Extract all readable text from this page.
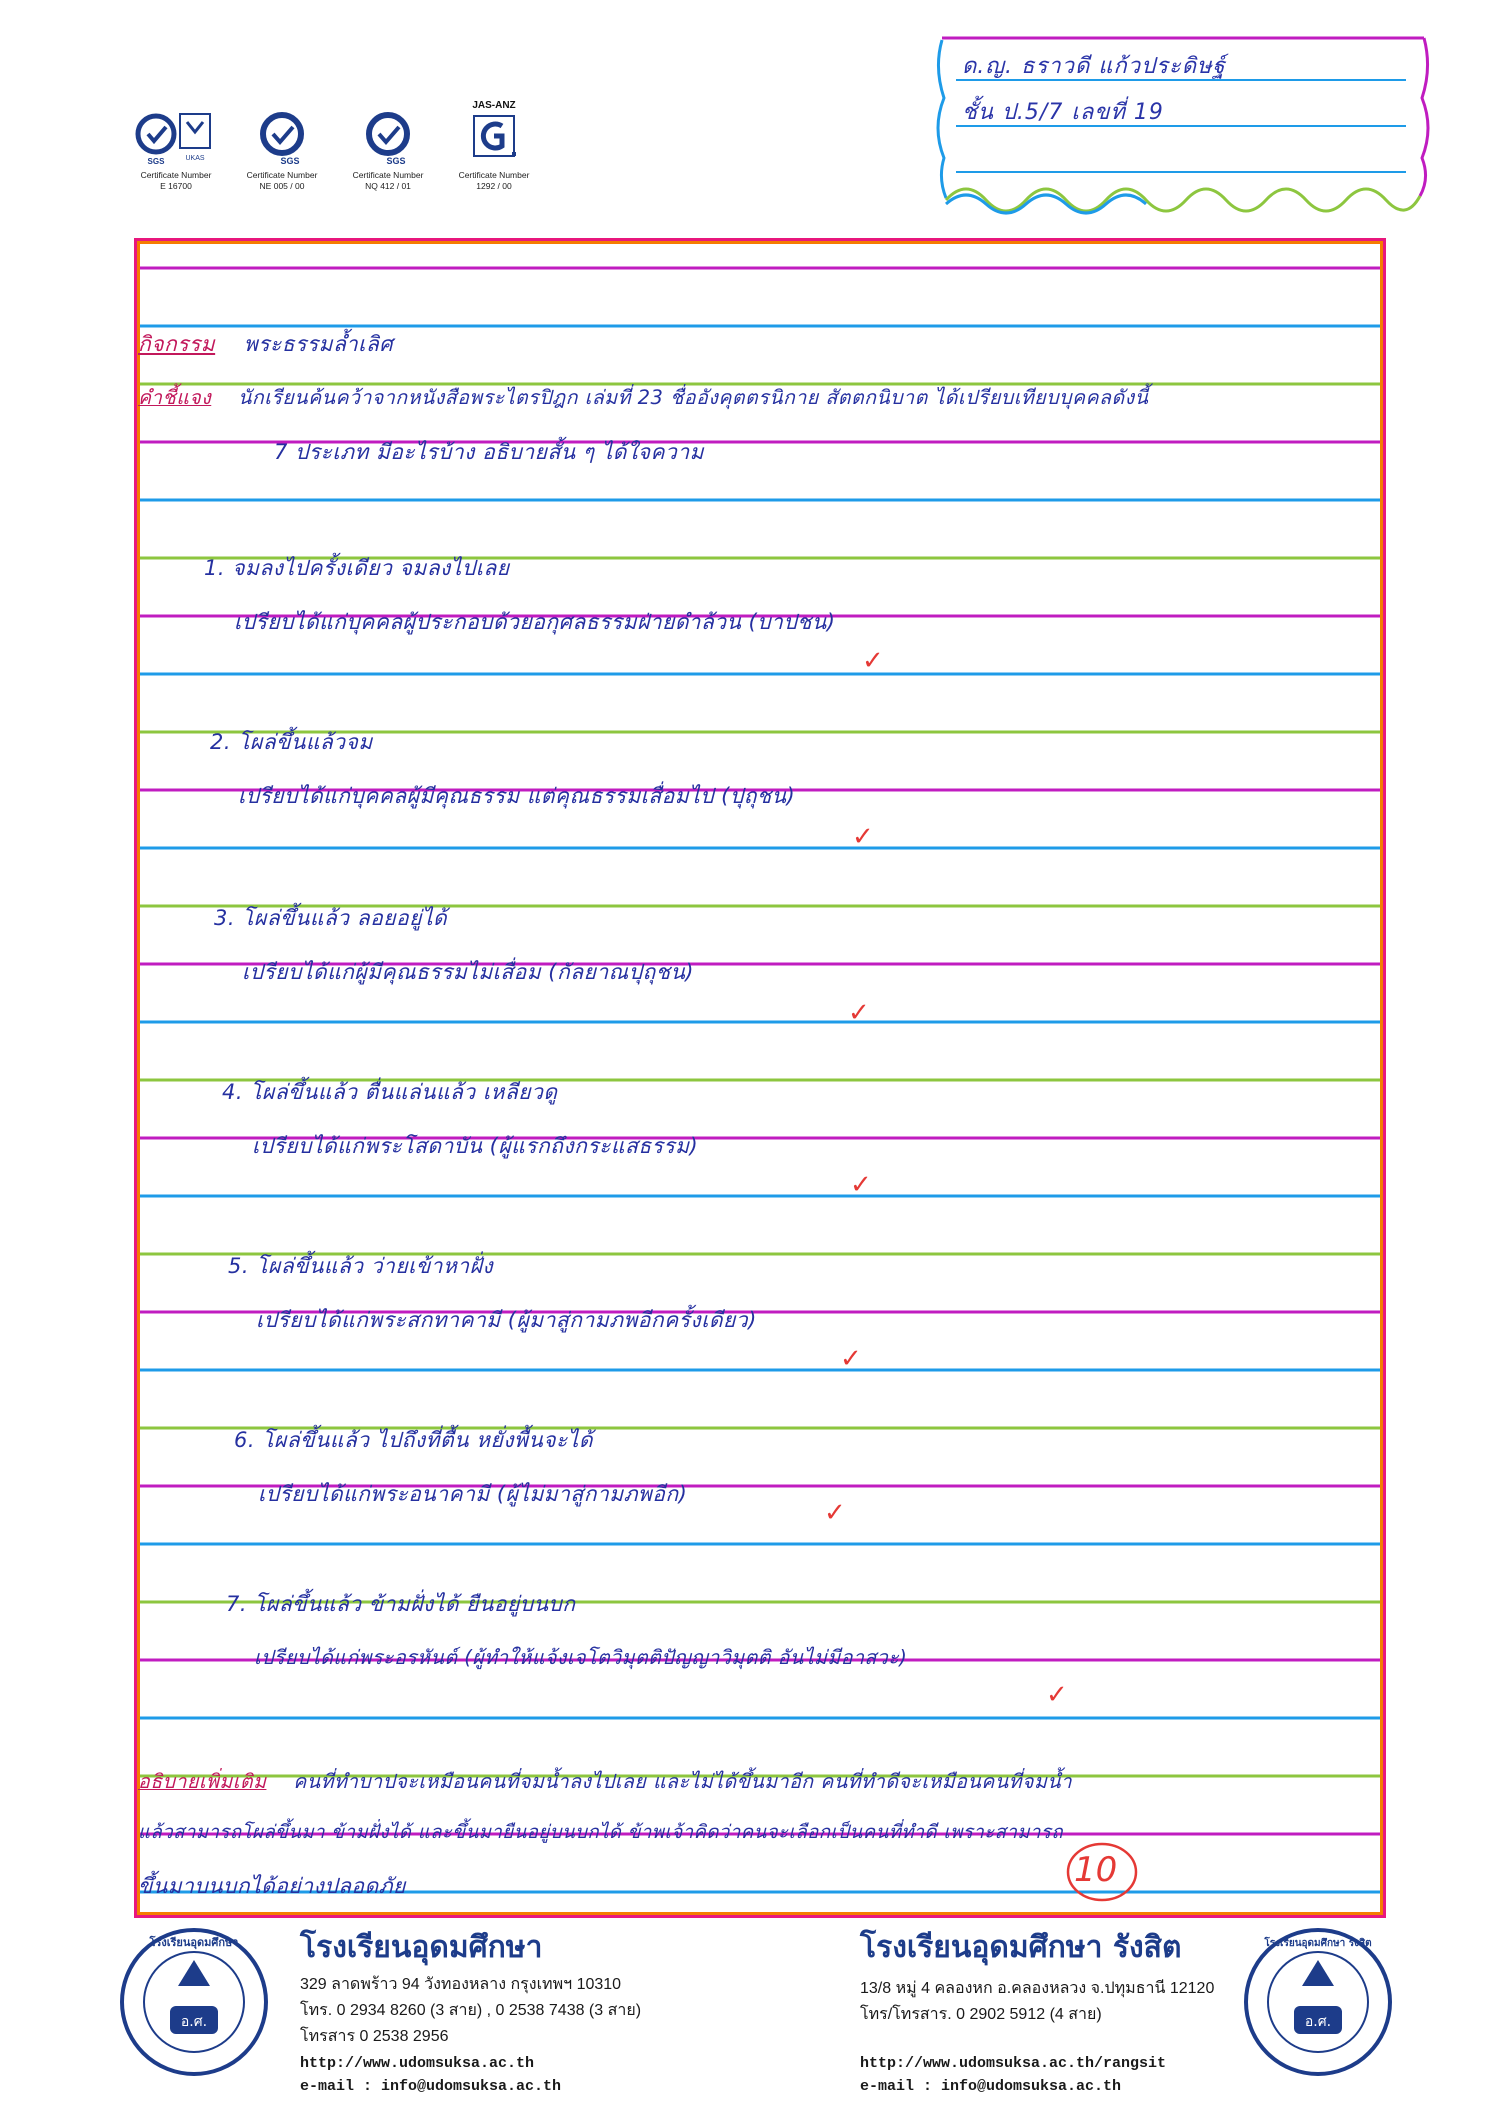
UKAS
SGS
Certificate Number
E 16700
SGS
Certificate Number
NE 005 / 00
SGS
Certificate Number
NQ 412 / 01
JAS-ANZ
Certificate Number
1292 / 00
ด.ญ. ธราวดี แก้วประดิษฐ์
ชั้น ป.5/7 เลขที่ 19
กิจกรรม พระธรรมล้ำเลิศ
คำชี้แจง นักเรียนค้นคว้าจากหนังสือพระไตรปิฎก เล่มที่ 23 ชื่ออังคุตตรนิกาย สัตตกนิบาต ได้เปรียบเทียบบุคคลดังนี้
7 ประเภท มีอะไรบ้าง อธิบายสั้น ๆ ได้ใจความ
1. จมลงไปครั้งเดียว จมลงไปเลย
เปรียบได้แก่บุคคลผู้ประกอบด้วยอกุศลธรรมฝ่ายดำล้วน (บาปชน)
✓
2. โผล่ขึ้นแล้วจม
เปรียบได้แก่บุคคลผู้มีคุณธรรม แต่คุณธรรมเสื่อมไป (ปุถุชน)
✓
3. โผล่ขึ้นแล้ว ลอยอยู่ได้
เปรียบได้แก่ผู้มีคุณธรรมไม่เสื่อม (กัลยาณปุถุชน)
✓
4. โผล่ขึ้นแล้ว ตื่นแล่นแล้ว เหลียวดู
เปรียบได้แก่พระโสดาบัน (ผู้แรกถึงกระแสธรรม)
✓
5. โผล่ขึ้นแล้ว ว่ายเข้าหาฝั่ง
เปรียบได้แก่พระสกทาคามี (ผู้มาสู่กามภพอีกครั้งเดียว)
✓
6. โผล่ขึ้นแล้ว ไปถึงที่ตื้น หยั่งพื้นจะได้
เปรียบได้แก่พระอนาคามี (ผู้ไม่มาสู่กามภพอีก)
✓
7. โผล่ขึ้นแล้ว ข้ามฝั่งได้ ยืนอยู่บนบก
เปรียบได้แก่พระอรหันต์ (ผู้ทำให้แจ้งเจโตวิมุตติปัญญาวิมุตติ อันไม่มีอาสวะ)
✓
อธิบายเพิ่มเติม คนที่ทำบาปจะเหมือนคนที่จมน้ำลงไปเลย และไม่ได้ขึ้นมาอีก คนที่ทำดีจะเหมือนคนที่จมน้ำ
แล้วสามารถโผล่ขึ้นมา ข้ามฝั่งได้ และขึ้นมายืนอยู่บนบกได้ ข้าพเจ้าคิดว่าคนจะเลือกเป็นคนที่ทำดี เพราะสามารถ
ขึ้นมาบนบกได้อย่างปลอดภัย	10
อ.ศ.
โรงเรียนอุดมศึกษา โรงเรียนอุดมศึกษา
329 ลาดพร้าว 94 วังทองหลาง กรุงเทพฯ 10310
โทร. 0 2934 8260 (3 สาย) , 0 2538 7438 (3 สาย)
โทรสาร 0 2538 2956
http://www.udomsuksa.ac.th
e-mail : info@udomsuksa.ac.th
โรงเรียนอุดมศึกษา รังสิต
13/8 หมู่ 4 คลองหก อ.คลองหลวง จ.ปทุมธานี 12120
โทร/โทรสาร. 0 2902 5912 (4 สาย)
http://www.udomsuksa.ac.th/rangsit
e-mail : info@udomsuksa.ac.th
อ.ศ.
โรงเรียนอุดมศึกษา รังสิต
